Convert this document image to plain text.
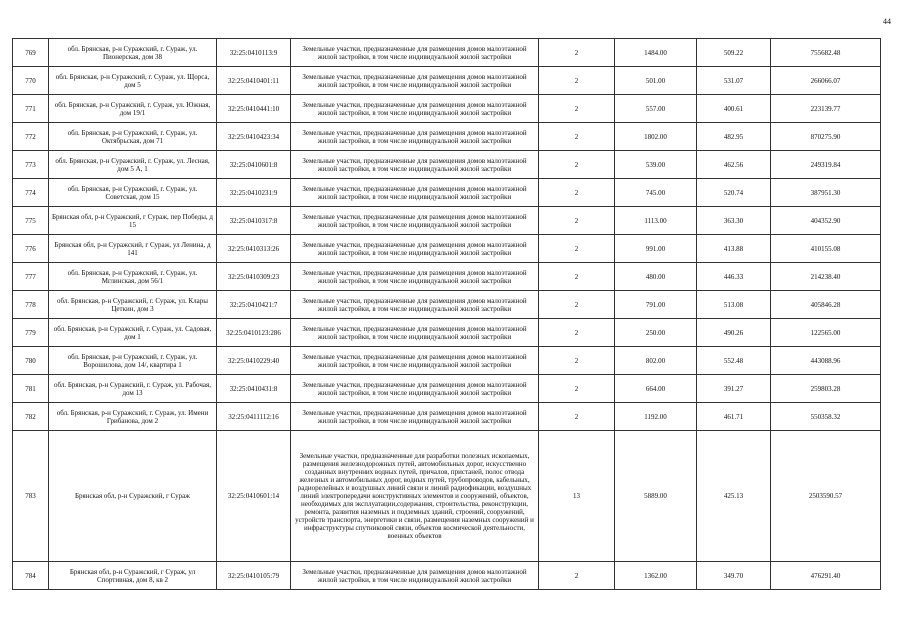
44
769	обл. Брянская, р-н Суражский, г. Сураж, ул. Пионерская, дом 38	32:25:0410113:9	Земельные участки, предназначенные для размещения домов малоэтажной жилой застройки, в том числе индивидуальной жилой застройки	2	1484.00	509.22	755682.48
770	обл. Брянская, р-н Суражский, г. Сураж, ул. Щорса, дом 5	32:25:0410401:11	Земельные участки, предназначенные для размещения домов малоэтажной жилой застройки, в том числе индивидуальной жилой застройки	2	501.00	531.07	266066.07
771	обл. Брянская, р-н Суражский, г. Сураж, ул. Южная, дом 19/1	32:25:0410441:10	Земельные участки, предназначенные для размещения домов малоэтажной жилой застройки, в том числе индивидуальной жилой застройки	2	557.00	400.61	223139.77
772	обл. Брянская, р-н Суражский, г. Сураж, ул. Октябрьская, дом 71	32:25:0410423:34	Земельные участки, предназначенные для размещения домов малоэтажной жилой застройки, в том числе индивидуальной жилой застройки	2	1802.00	482.95	870275.90
773	обл. Брянская, р-н Суражский, г. Сураж, ул. Лесная, дом 5 А, 1	32:25:0410601:8	Земельные участки, предназначенные для размещения домов малоэтажной жилой застройки, в том числе индивидуальной жилой застройки	2	539.00	462.56	249319.84
774	обл. Брянская, р-н Суражский, г. Сураж, ул. Советская, дом 15	32:25:0410231:9	Земельные участки, предназначенные для размещения домов малоэтажной жилой застройки, в том числе индивидуальной жилой застройки	2	745.00	520.74	387951.30
775	Брянская обл, р-н Суражский, г Сураж, пер Победы, д 15	32:25:0410317:8	Земельные участки, предназначенные для размещения домов малоэтажной жилой застройки, в том числе индивидуальной жилой застройки	2	1113.00	363.30	404352.90
776	Брянская обл, р-н Суражский, г Сураж, ул Ленина, д 141	32:25:0410313:26	Земельные участки, предназначенные для размещения домов малоэтажной жилой застройки, в том числе индивидуальной жилой застройки	2	991.00	413.88	410155.08
777	обл. Брянская, р-н Суражский, г. Сураж, ул. Мглинская, дом 56/1	32:25:0410309:23	Земельные участки, предназначенные для размещения домов малоэтажной жилой застройки, в том числе индивидуальной жилой застройки	2	480.00	446.33	214238.40
778	обл. Брянская, р-н Суражский, г. Сураж, ул. Клары Цеткин, дом 3	32:25:0410421:7	Земельные участки, предназначенные для размещения домов малоэтажной жилой застройки, в том числе индивидуальной жилой застройки	2	791.00	513.08	405846.28
779	обл. Брянская, р-н Суражский, г. Сураж, ул. Садовая, дом 1	32:25:0410123:286	Земельные участки, предназначенные для размещения домов малоэтажной жилой застройки, в том числе индивидуальной жилой застройки	2	250.00	490.26	122565.00
780	обл. Брянская, р-н Суражский, г. Сураж, ул. Ворошилова, дом 14/, квартира 1	32:25:0410229:40	Земельные участки, предназначенные для размещения домов малоэтажной жилой застройки, в том числе индивидуальной жилой застройки	2	802.00	552.48	443088.96
781	обл. Брянская, р-н Суражский, г. Сураж, ул. Рабочая, дом 13	32:25:0410431:8	Земельные участки, предназначенные для размещения домов малоэтажной жилой застройки, в том числе индивидуальной жилой застройки	2	664.00	391.27	259803.28
782	обл. Брянская, р-н Суражский, г. Сураж, ул. Имени Грибанова, дом 2	32:25:0411112:16	Земельные участки, предназначенные для размещения домов малоэтажной жилой застройки, в том числе индивидуальной жилой застройки	2	1192.00	461.71	550358.32
783	Брянская обл, р-н Суражский, г Сураж	32:25:0410601:14	Земельные участки, предназначенные для разработки полезных ископаемых, размещения железнодорожных путей, автомобильных дорог, искусственно созданных внутренних водных путей, причалов, пристаней, полос отвода железных и автомобильных дорог, водных путей, трубопроводов, кабельных, радиорелейных и воздушных линий связи и линий радиофикации, воздушных линий электропередачи конструктивных элементов и сооружений, объектов, необходимых для эксплуатации,содержания, строительства, реконструкции, ремонта, развития наземных и подземных зданий, строений, сооружений, устройств транспорта, энергетики и связи, размещения наземных сооружений и инфраструктуры спутниковой связи, объектов космической деятельности, военных объектов	13	5889.00	425.13	2503590.57
784	Брянская обл, р-н Суражский, г Сураж, ул Спортивная, дом 8, кв 2	32:25:0410105:79	Земельные участки, предназначенные для размещения домов малоэтажной жилой застройки, в том числе индивидуальной жилой застройки	2	1362.00	349.70	476291.40
